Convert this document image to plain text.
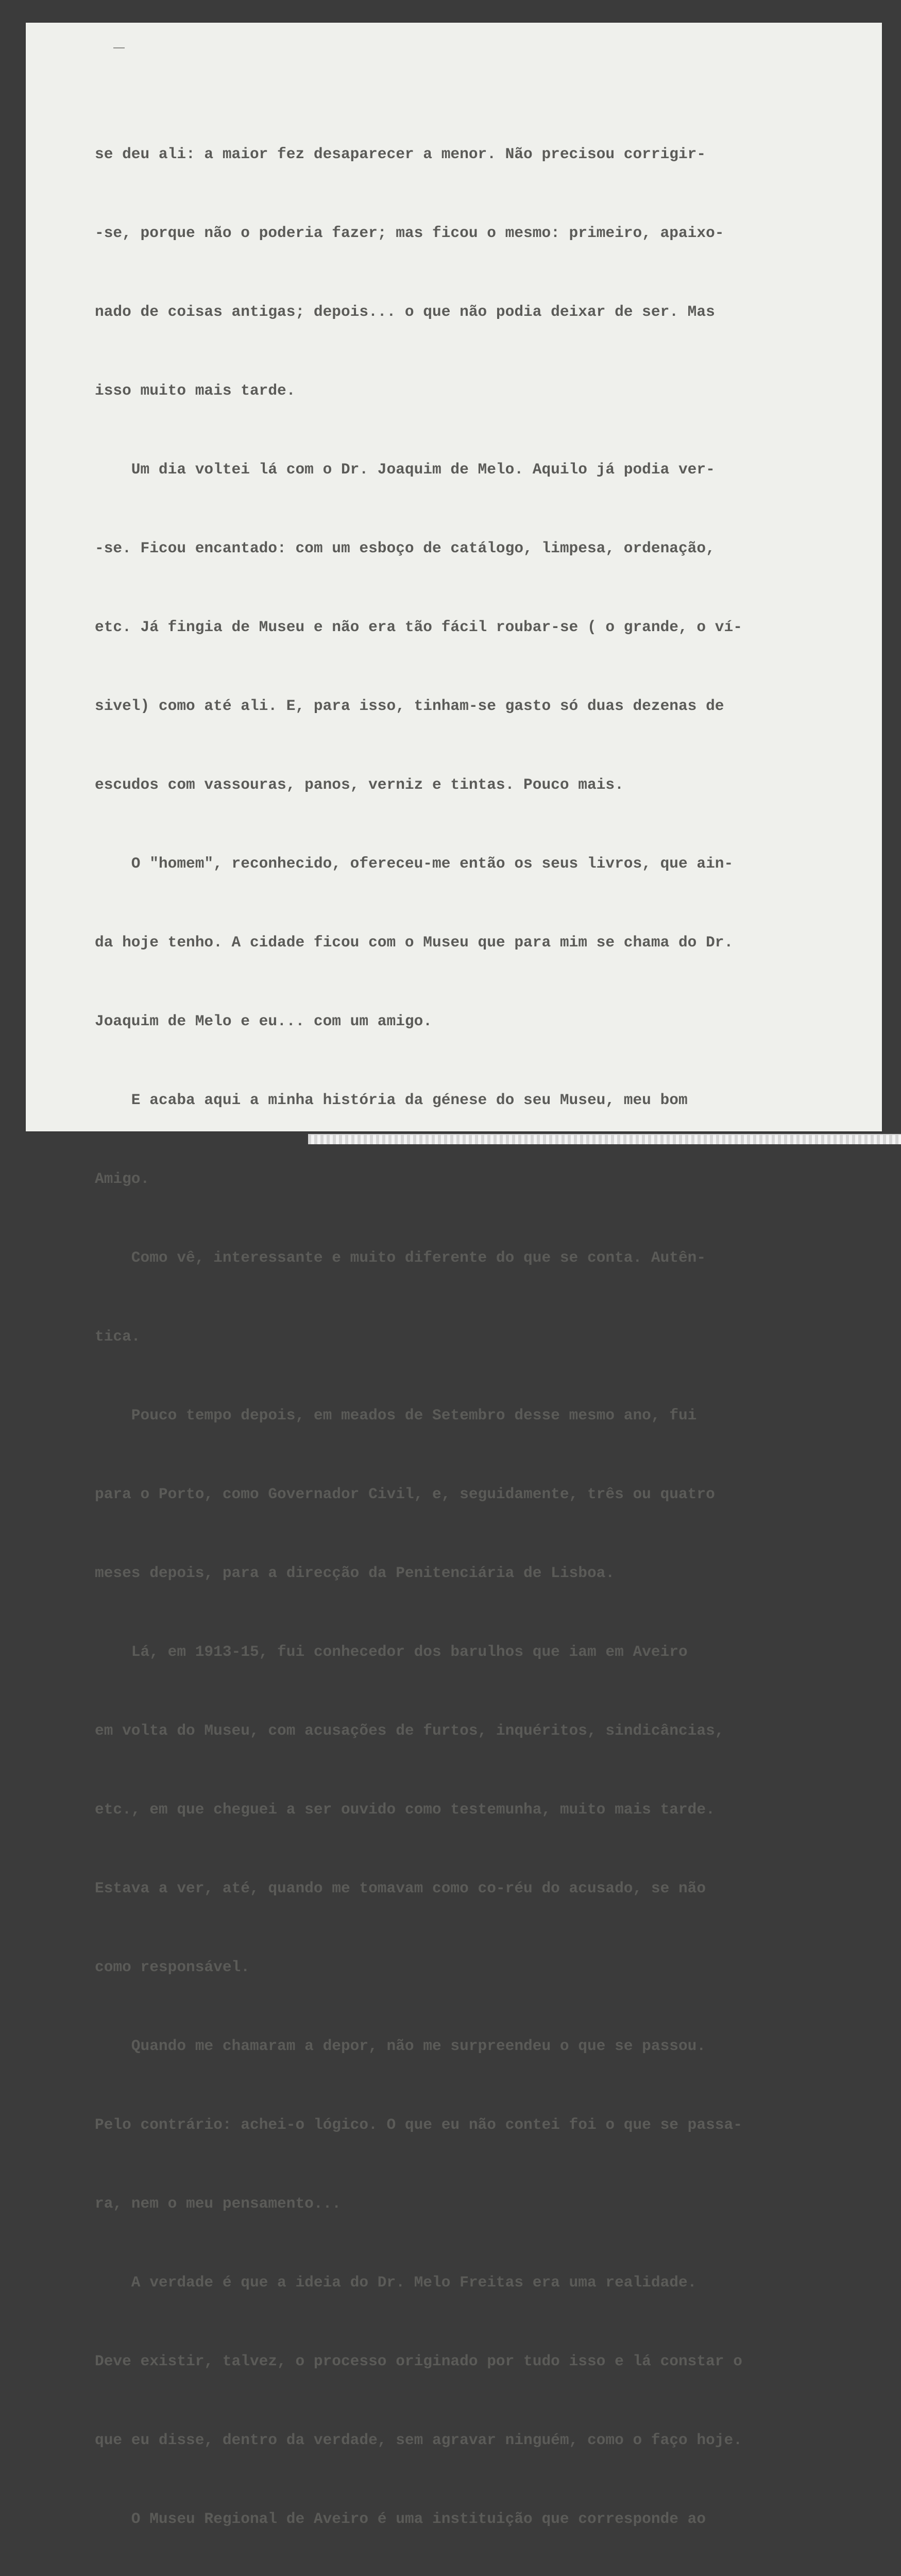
se deu ali: a maior fez desaparecer a menor. Não precisou corrigir-

-se, porque não o poderia fazer; mas ficou o mesmo: primeiro, apaixo-

nado de coisas antigas; depois... o que não podia deixar de ser. Mas

isso muito mais tarde.

Um dia voltei lá com o Dr. Joaquim de Melo. Aquilo já podia ver-

-se. Ficou encantado: com um esboço de catálogo, limpesa, ordenação,

etc. Já fingia de Museu e não era tão fácil roubar-se ( o grande, o ví-

sivel) como até ali. E, para isso, tinham-se gasto só duas dezenas de

escudos com vassouras, panos, verniz e tintas. Pouco mais.

O "homem", reconhecido, ofereceu-me então os seus livros, que ain-

da hoje tenho. A cidade ficou com o Museu que para mim se chama do Dr.

Joaquim de Melo e eu... com um amigo.

E acaba aqui a minha história da génese do seu Museu, meu bom

Amigo.

Como vê, interessante e muito diferente do que se conta. Autên-

tica.

Pouco tempo depois, em meados de Setembro desse mesmo ano, fui

para o Porto, como Governador Civil, e, seguidamente, três ou quatro

meses depois, para a direcção da Penitenciária de Lisboa.

Lá, em 1913-15, fui conhecedor dos barulhos que iam em Aveiro

em volta do Museu, com acusações de furtos, inquéritos, sindicâncias,

etc., em que cheguei a ser ouvido como testemunha, muito mais tarde.

Estava a ver, até, quando me tomavam como co-réu do acusado, se não

como responsável.

Quando me chamaram a depor, não me surpreendeu o que se passou.

Pelo contrário: achei-o lógico. O que eu não contei foi o que se passa-

ra, nem o meu pensamento...

A verdade é que a ideia do Dr. Melo Freitas era uma realidade.

Deve existir, talvez, o processo originado por tudo isso e lá constar o

que eu disse, dentro da verdade, sem agravar ninguém, como o faço hoje.

O Museu Regional de Aveiro é uma instituição que corresponde ao
